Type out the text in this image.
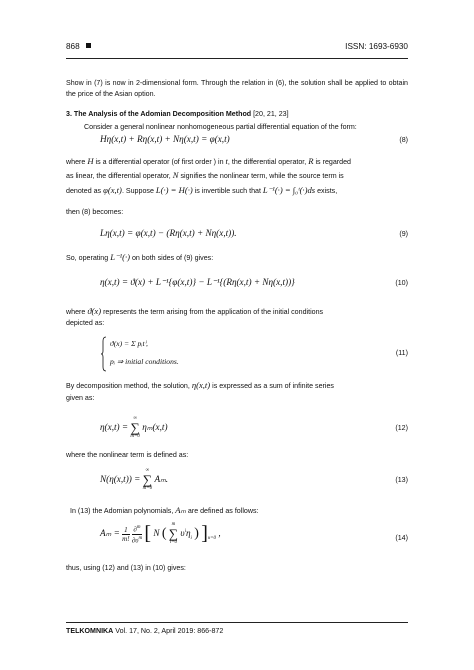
868	ISSN: 1693-6930
Show in (7) is now in 2-dimensional form. Through the relation in (6), the solution shall be applied to obtain the price of the Asian option.
3. The Analysis of the Adomian Decomposition Method [20, 21, 23]
Consider a general nonlinear nonhomogeneous partial differential equation of the form:
Hη(x,t) + Rη(x,t) + Nη(x,t) = φ(x,t)	(8)
where H is a differential operator (of first order ) in t, the differential operator, R is regarded
as linear, the differential operator, N signifies the nonlinear term, while the source term is
denoted as φ(x,t). Suppose L(·) = H(·) is invertible such that L⁻¹(·) = ∫₀ᵗ(·)ds exists,
then (8) becomes:
Lη(x,t) = φ(x,t) − (Rη(x,t) + Nη(x,t)).	(9)
So, operating L⁻¹(·) on both sides of (9) gives:
η(x,t) = ϑ(x) + L⁻¹{φ(x,t)} − L⁻¹{(Rη(x,t) + Nη(x,t))}	(10)
where ϑ(x) represents the term arising from the application of the initial conditions
depicted as:
ϑ(x) = Σ pᵢtⁱ,
pᵢ ⇒ initial conditions.
(11)
By decomposition method, the solution, η(x,t) is expressed as a sum of infinite series
given as:
η(x,t) =
∞
∑
m=0
ηₘ(x,t)	(12)
where the nonlinear term is defined as:
N(η(x,t)) =
∞
∑
m=0
Aₘ.	(13)
In (13) the Adomian polynomials, Aₘ are defined as follows:
$A_m = \frac{1}{m!}$
$\frac{\partial^m}{\partial\upsilon^m}$ [ N (
m
∑
i=0
$\upsilon^i\eta_i$ ) ]$_{\upsilon=0}$ ,	(14)
thus, using (12) and (13) in (10) gives:
TELKOMNIKA Vol. 17, No. 2, April 2019: 866-872
